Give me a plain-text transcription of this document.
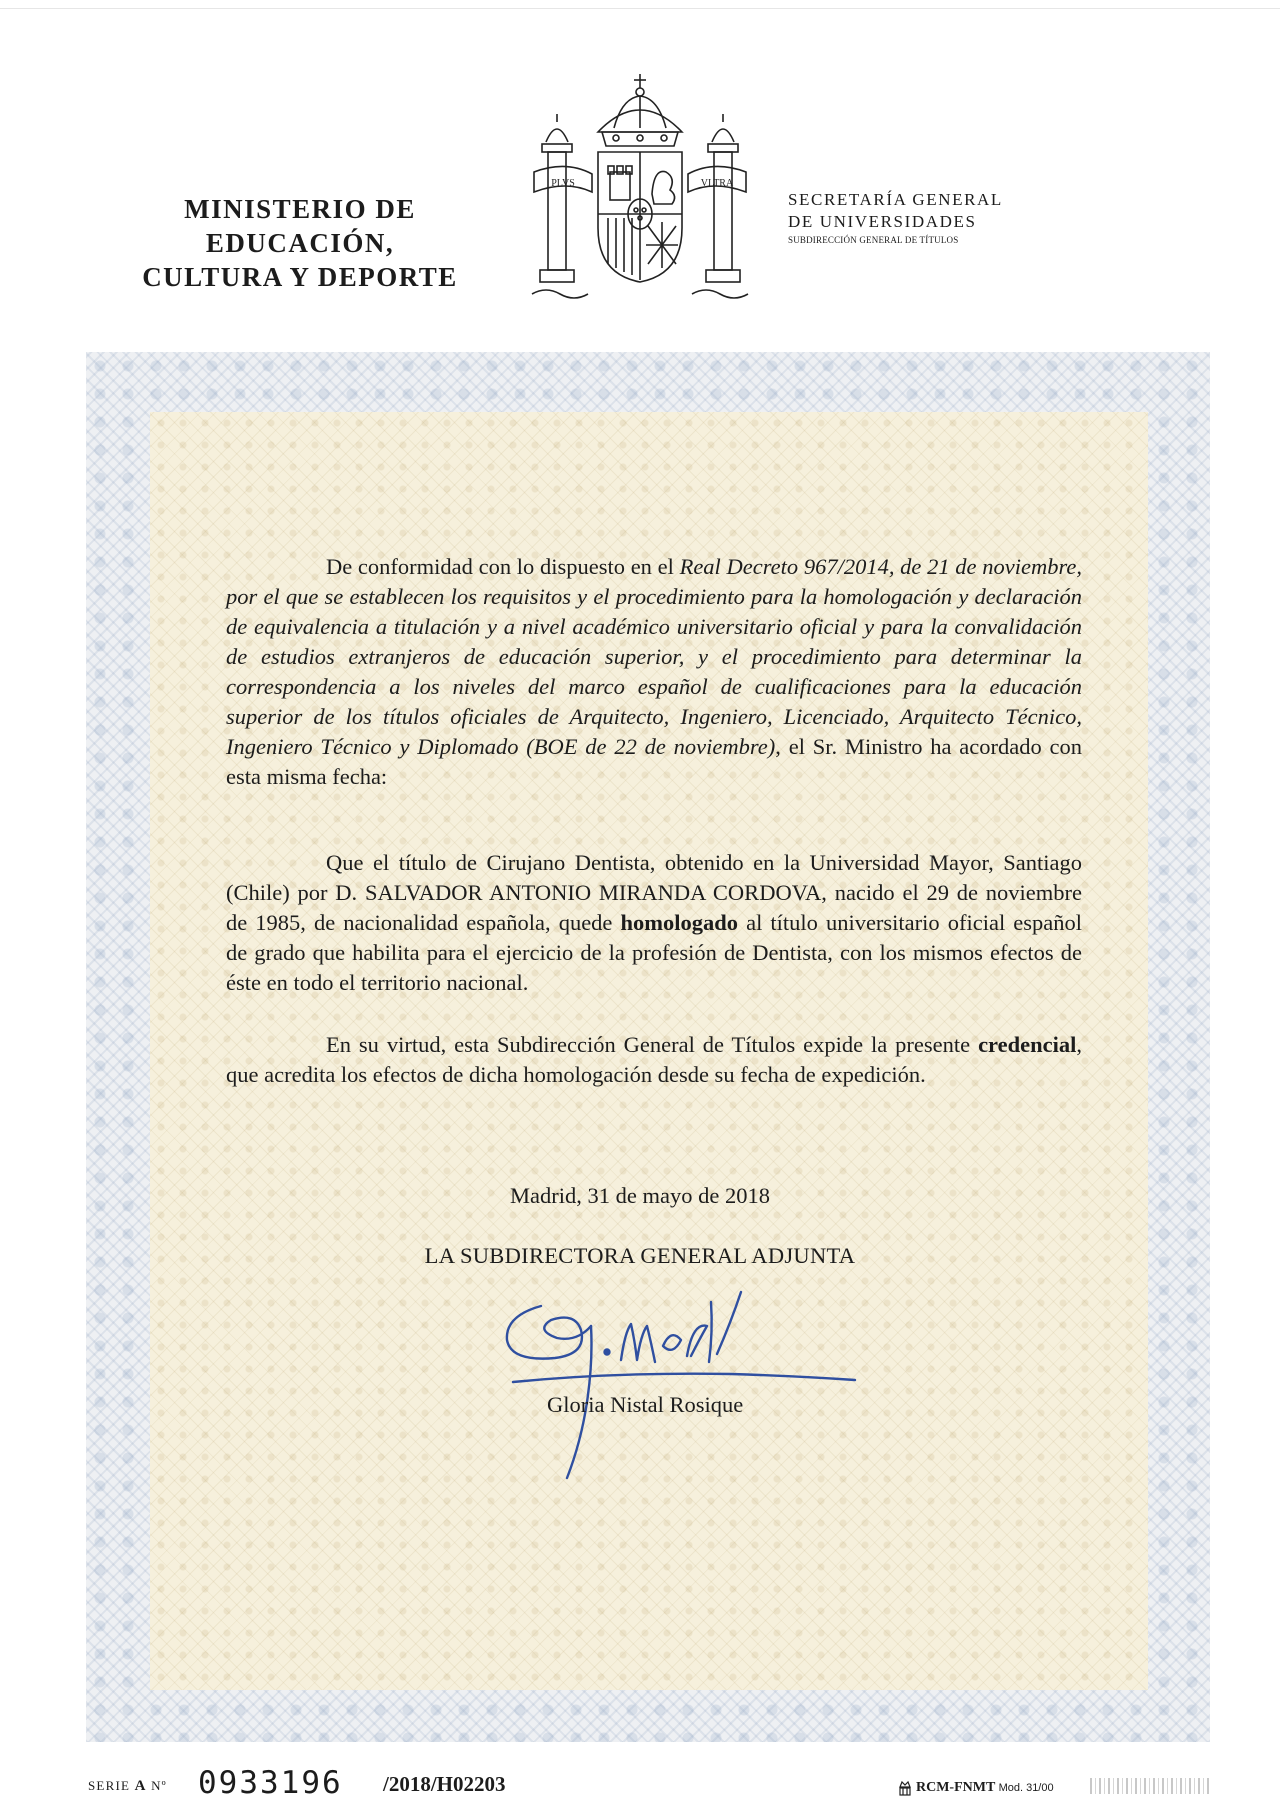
MINISTERIO DE EDUCACIÓN,
CULTURA Y DEPORTE
PLVS	VLTRA
SECRETARÍA GENERAL
DE UNIVERSIDADES
SUBDIRECCIÓN GENERAL DE TÍTULOS
De conformidad con lo dispuesto en el Real Decreto 967/2014, de 21 de noviembre, por el que se establecen los requisitos y el procedimiento para la homologación y declaración de equivalencia a titulación y a nivel académico universitario oficial y para la convalidación de estudios extranjeros de educación superior, y el procedimiento para determinar la correspondencia a los niveles del marco español de cualificaciones para la educación superior de los títulos oficiales de Arquitecto, Ingeniero, Licenciado, Arquitecto Técnico, Ingeniero Técnico y Diplomado (BOE de 22 de noviembre), el Sr. Ministro ha acordado con esta misma fecha:
Que el título de Cirujano Dentista, obtenido en la Universidad Mayor, Santiago (Chile) por D. SALVADOR ANTONIO MIRANDA CORDOVA, nacido el 29 de noviembre de 1985, de nacionalidad española, quede homologado al título universitario oficial español de grado que habilita para el ejercicio de la profesión de Dentista, con los mismos efectos de éste en todo el territorio nacional.
En su virtud, esta Subdirección General de Títulos expide la presente credencial, que acredita los efectos de dicha homologación desde su fecha de expedición.
Madrid, 31 de mayo de 2018
LA SUBDIRECTORA GENERAL ADJUNTA
Gloria Nistal Rosique
SERIE A Nº 0933196 /2018/H02203	RCM-FNMT Mod. 31/00
